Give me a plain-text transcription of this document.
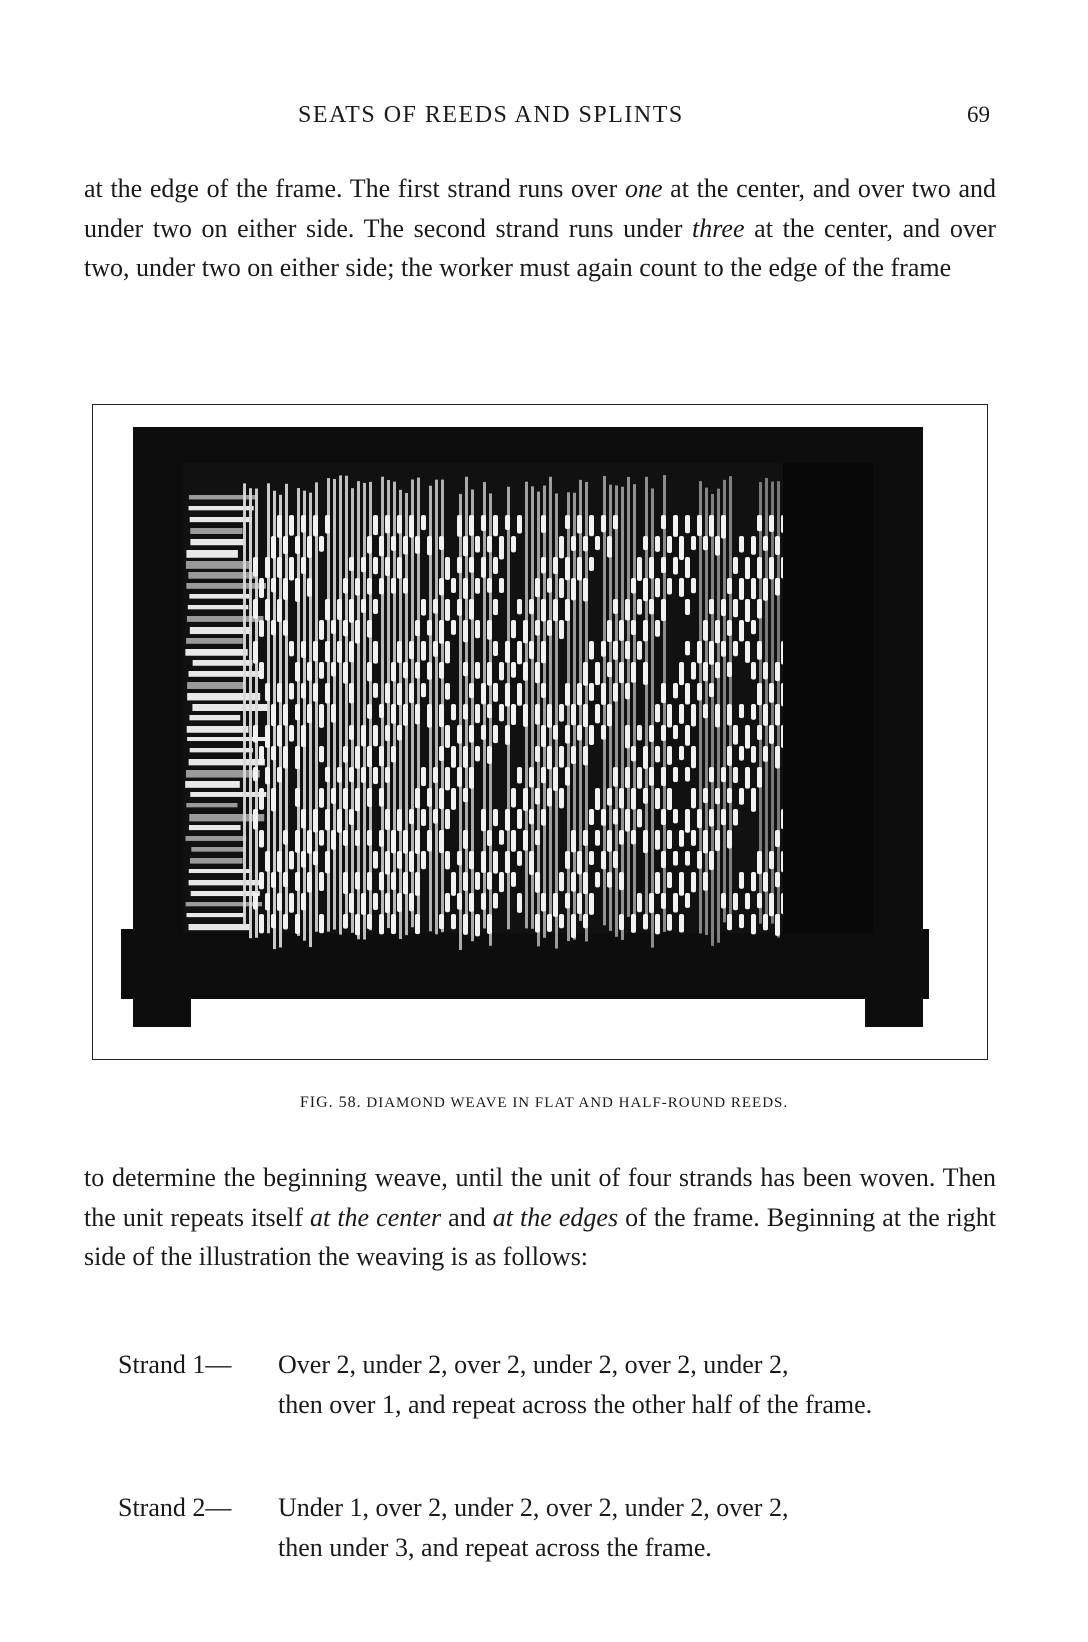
SEATS OF REEDS AND SPLINTS	69

at the edge of the frame. The first strand runs over one at the center, and over two and under two on either side. The second strand runs under three at the center, and over two, under two on either side; the worker must again count to the edge of the frame

FIG. 58. DIAMOND WEAVE IN FLAT AND HALF-ROUND REEDS.

to determine the beginning weave, until the unit of four strands has been woven. Then the unit repeats itself at the center and at the edges of the frame. Beginning at the right side of the illustration the weaving is as follows:

Strand 1— Over 2, under 2, over 2, under 2, over 2, under 2,
then over 1, and repeat across the other half of the frame.
Strand 2— Under 1, over 2, under 2, over 2, under 2, over 2,
then under 3, and repeat across the frame.
